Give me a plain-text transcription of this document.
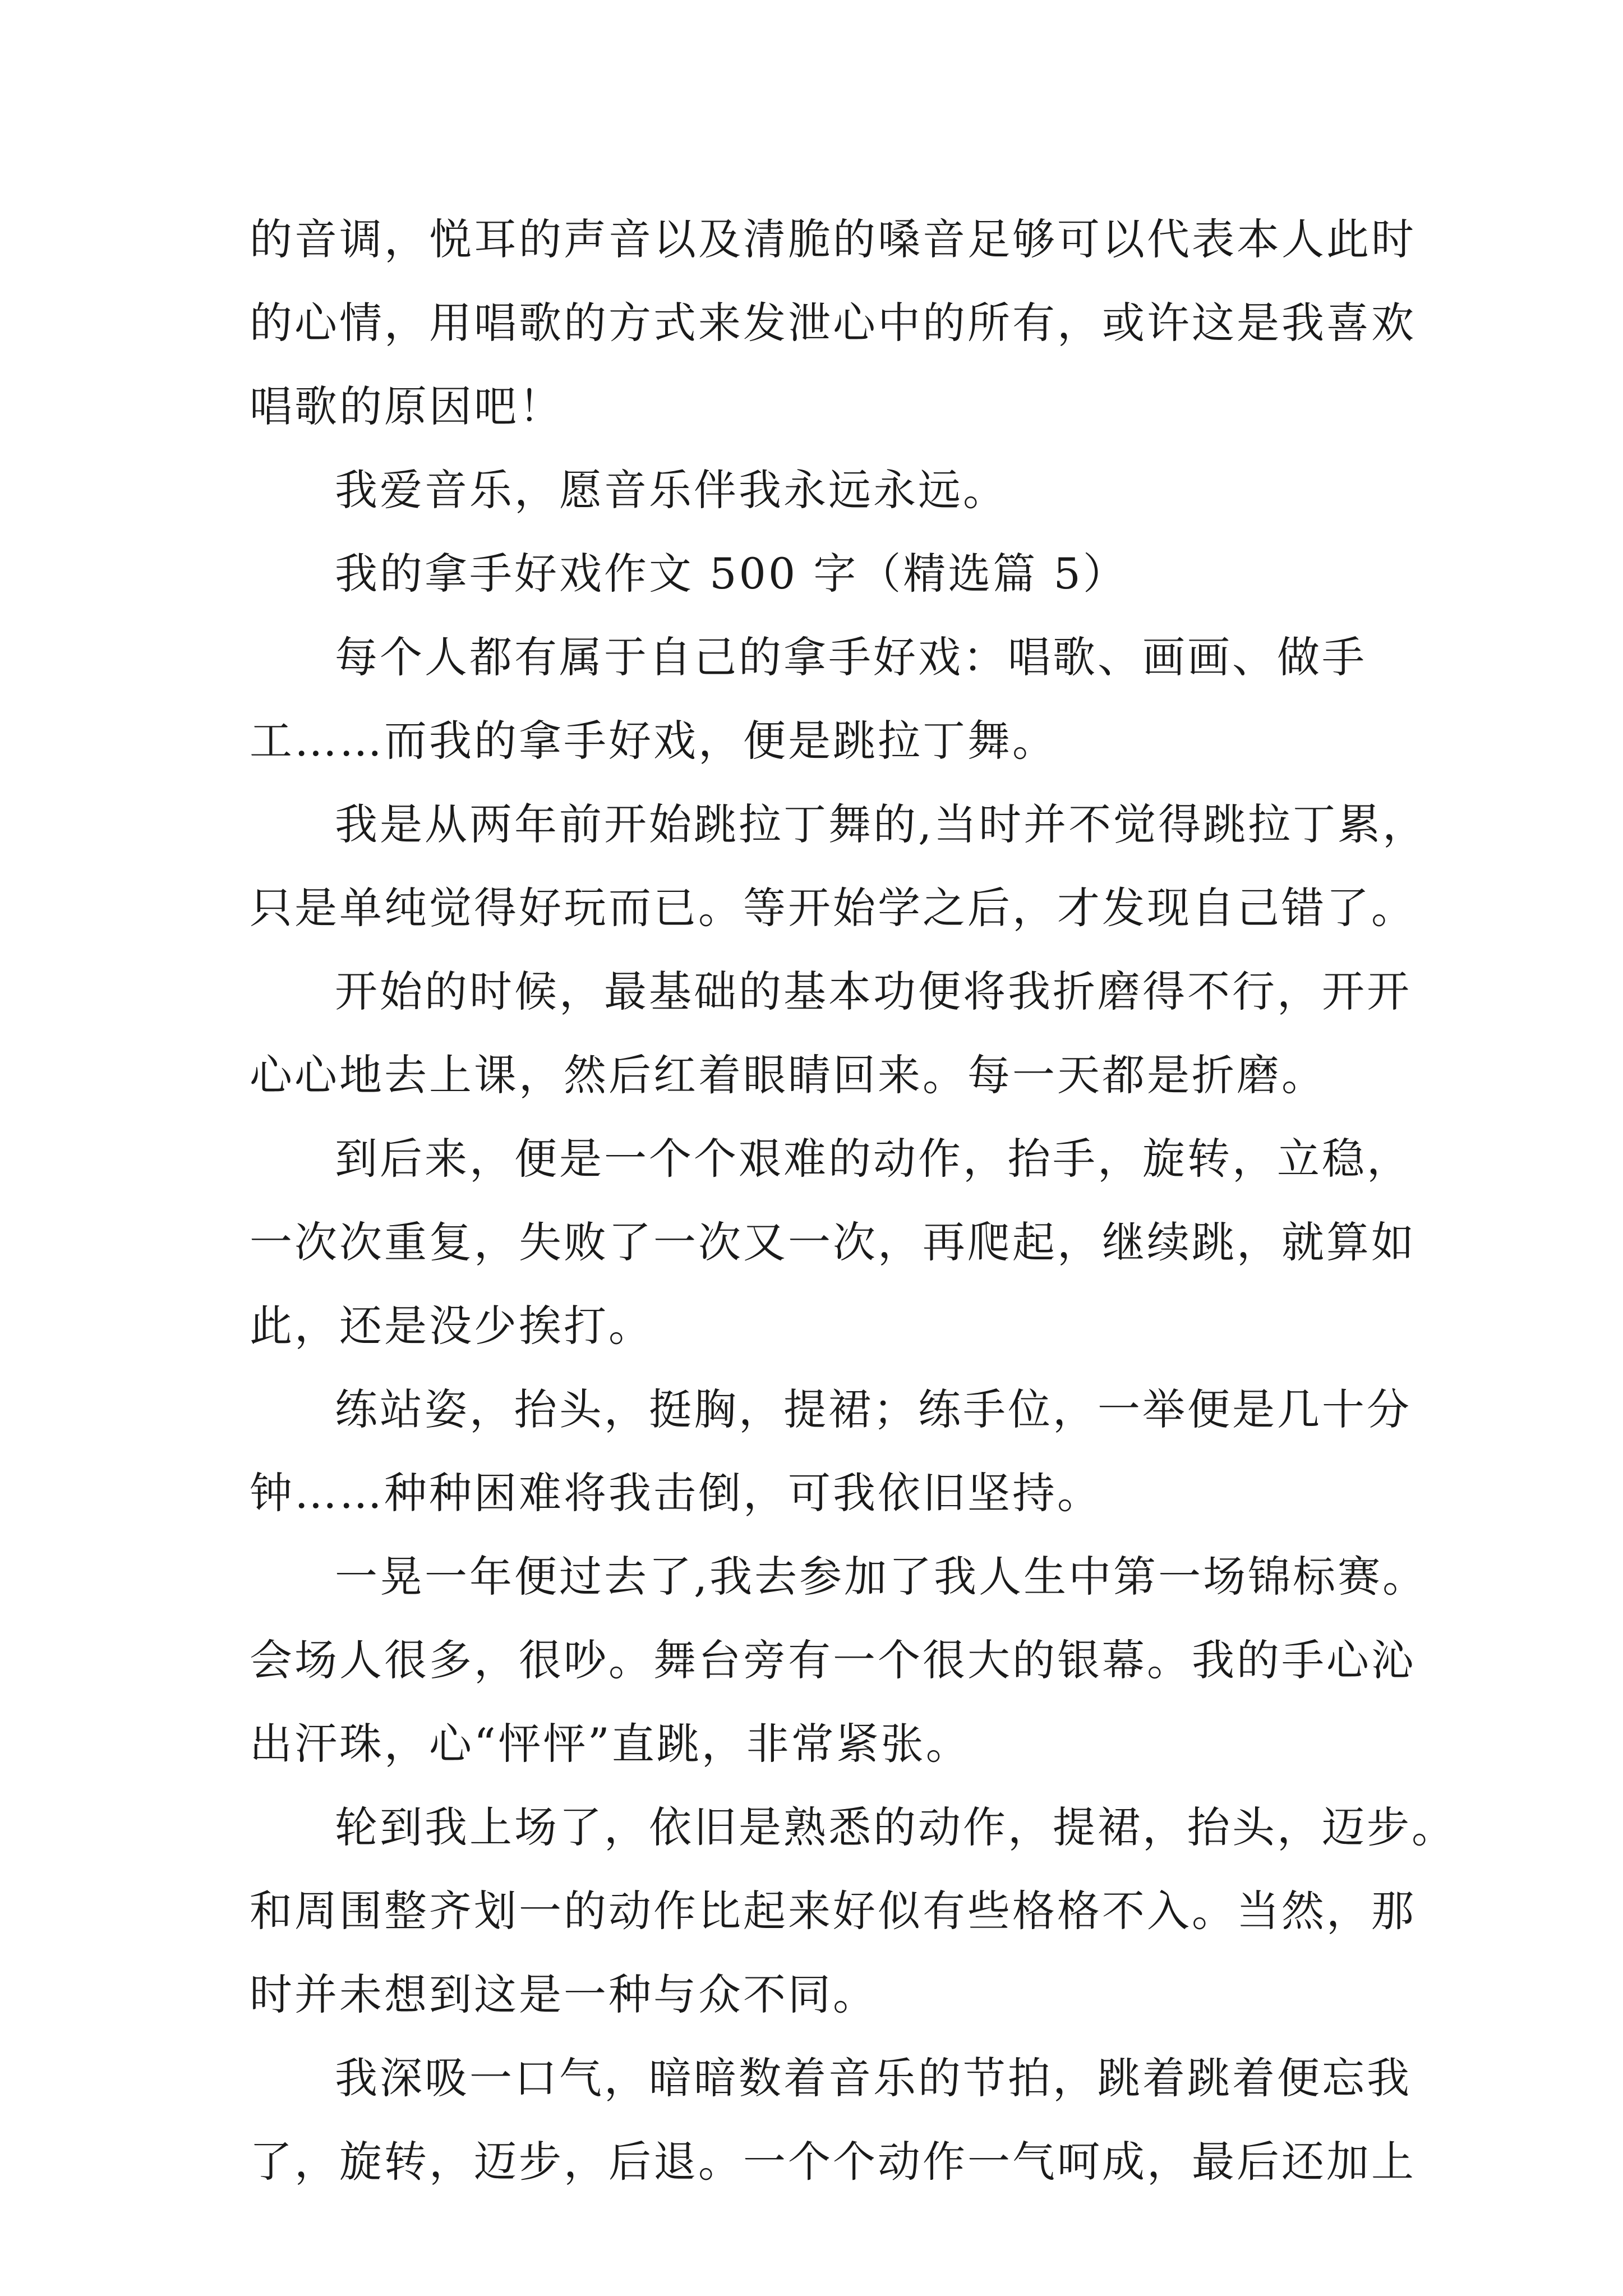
的音调，悦耳的声音以及清脆的嗓音足够可以代表本人此时
的心情，用唱歌的方式来发泄心中的所有，或许这是我喜欢
唱歌的原因吧！

我爱音乐，愿音乐伴我永远永远。

我的拿手好戏作文 500 字（精选篇 5）

每个人都有属于自己的拿手好戏：唱歌、画画、做手
工……而我的拿手好戏，便是跳拉丁舞。

我是从两年前开始跳拉丁舞的,当时并不觉得跳拉丁累，
只是单纯觉得好玩而已。等开始学之后，才发现自己错了。

开始的时候，最基础的基本功便将我折磨得不行，开开
心心地去上课，然后红着眼睛回来。每一天都是折磨。

到后来，便是一个个艰难的动作，抬手，旋转，立稳，
一次次重复，失败了一次又一次，再爬起，继续跳，就算如
此，还是没少挨打。

练站姿，抬头，挺胸，提裙；练手位，一举便是几十分
钟……种种困难将我击倒，可我依旧坚持。

一晃一年便过去了,我去参加了我人生中第一场锦标赛。
会场人很多，很吵。舞台旁有一个很大的银幕。我的手心沁
出汗珠，心“怦怦”直跳，非常紧张。

轮到我上场了，依旧是熟悉的动作，提裙，抬头，迈步。
和周围整齐划一的动作比起来好似有些格格不入。当然，那
时并未想到这是一种与众不同。

我深吸一口气，暗暗数着音乐的节拍，跳着跳着便忘我
了，旋转，迈步，后退。一个个动作一气呵成，最后还加上
